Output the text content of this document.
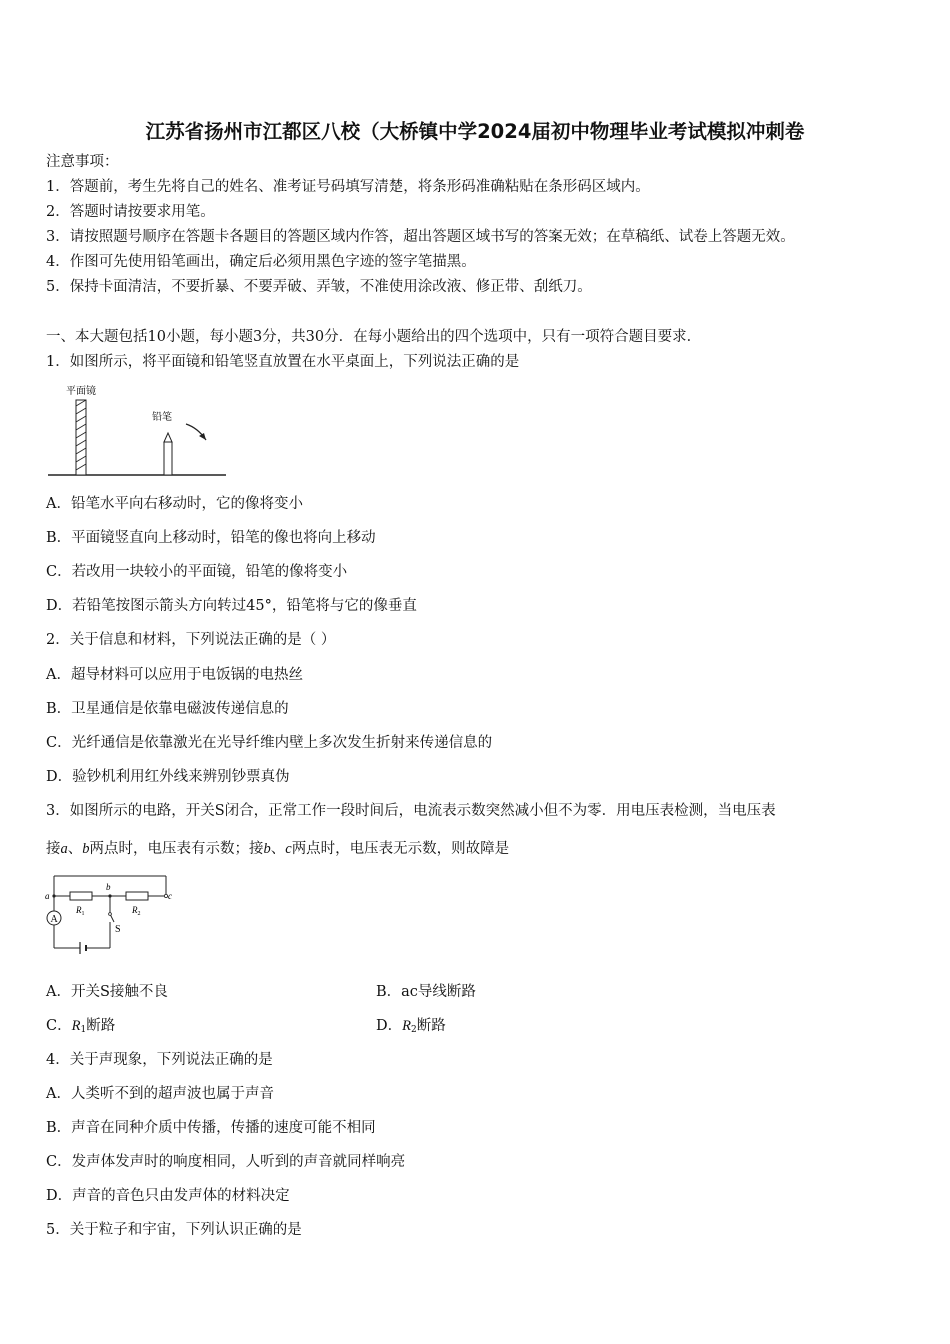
江苏省扬州市江都区八校（大桥镇中学2024届初中物理毕业考试模拟冲刺卷
注意事项：
1．答题前，考生先将自己的姓名、准考证号码填写清楚，将条形码准确粘贴在条形码区域内。
2．答题时请按要求用笔。
3．请按照题号顺序在答题卡各题目的答题区域内作答，超出答题区域书写的答案无效；在草稿纸、试卷上答题无效。
4．作图可先使用铅笔画出，确定后必须用黑色字迹的签字笔描黑。
5．保持卡面清洁，不要折暴、不要弄破、弄皱，不准使用涂改液、修正带、刮纸刀。
一、本大题包括10小题，每小题3分，共30分．在每小题给出的四个选项中，只有一项符合题目要求．
1．如图所示，将平面镜和铅笔竖直放置在水平桌面上，下列说法正确的是
平面镜
铅笔
A．铅笔水平向右移动时，它的像将变小
B．平面镜竖直向上移动时，铅笔的像也将向上移动
C．若改用一块较小的平面镜，铅笔的像将变小
D．若铅笔按图示箭头方向转过45°，铅笔将与它的像垂直
2．关于信息和材料，下列说法正确的是（ ）
A．超导材料可以应用于电饭锅的电热丝
B．卫星通信是依靠电磁波传递信息的
C．光纤通信是依靠激光在光导纤维内壁上多次发生折射来传递信息的
D．验钞机利用红外线来辨别钞票真伪
3．如图所示的电路，开关S闭合，正常工作一段时间后，电流表示数突然减小但不为零．用电压表检测，当电压表
接a、b两点时，电压表有示数；接b、c两点时，电压表无示数，则故障是
A
a
b
c
$R_1$	$R_2$
S
A．开关S接触不良	B．ac导线断路
C．$R_1$断路	D．$R_2$断路
4．关于声现象，下列说法正确的是
A．人类听不到的超声波也属于声音
B．声音在同种介质中传播，传播的速度可能不相同
C．发声体发声时的响度相同，人听到的声音就同样响亮
D．声音的音色只由发声体的材料决定
5．关于粒子和宇宙，下列认识正确的是
